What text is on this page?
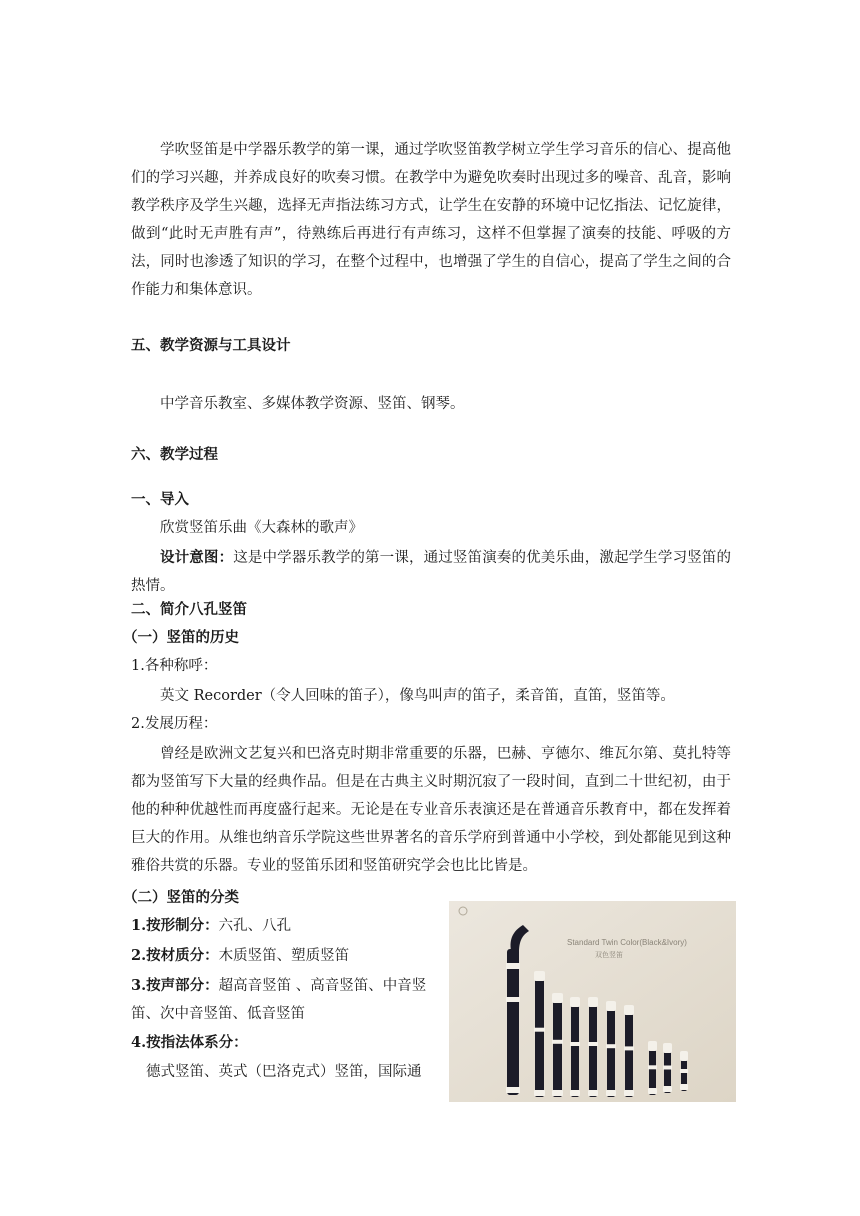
学吹竖笛是中学器乐教学的第一课，通过学吹竖笛教学树立学生学习音乐的信心、提高他们的学习兴趣，并养成良好的吹奏习惯。在教学中为避免吹奏时出现过多的噪音、乱音，影响教学秩序及学生兴趣，选择无声指法练习方式，让学生在安静的环境中记忆指法、记忆旋律，做到“此时无声胜有声”，待熟练后再进行有声练习，这样不但掌握了演奏的技能、呼吸的方法，同时也渗透了知识的学习，在整个过程中，也增强了学生的自信心，提高了学生之间的合作能力和集体意识。
五、教学资源与工具设计
中学音乐教室、多媒体教学资源、竖笛、钢琴。
六、教学过程
一、导入
欣赏竖笛乐曲《大森林的歌声》
设计意图：这是中学器乐教学的第一课，通过竖笛演奏的优美乐曲，激起学生学习竖笛的热情。
二、简介八孔竖笛
（一）竖笛的历史
1.各种称呼：
英文 Recorder（令人回味的笛子），像鸟叫声的笛子，柔音笛，直笛，竖笛等。
2.发展历程：
曾经是欧洲文艺复兴和巴洛克时期非常重要的乐器，巴赫、亨德尔、维瓦尔第、莫扎特等都为竖笛写下大量的经典作品。但是在古典主义时期沉寂了一段时间，直到二十世纪初，由于他的种种优越性而再度盛行起来。无论是在专业音乐表演还是在普通音乐教育中，都在发挥着巨大的作用。从维也纳音乐学院这些世界著名的音乐学府到普通中小学校，到处都能见到这种雅俗共赏的乐器。专业的竖笛乐团和竖笛研究学会也比比皆是。
（二）竖笛的分类
1.按形制分：六孔、八孔
2.按材质分：木质竖笛、塑质竖笛
3.按声部分：超高音竖笛 、高音竖笛、中音竖
笛、次中音竖笛、低音竖笛
4.按指法体系分：
德式竖笛、英式（巴洛克式）竖笛，国际通
Standard Twin Color(Black&Ivory)
双色竖笛
